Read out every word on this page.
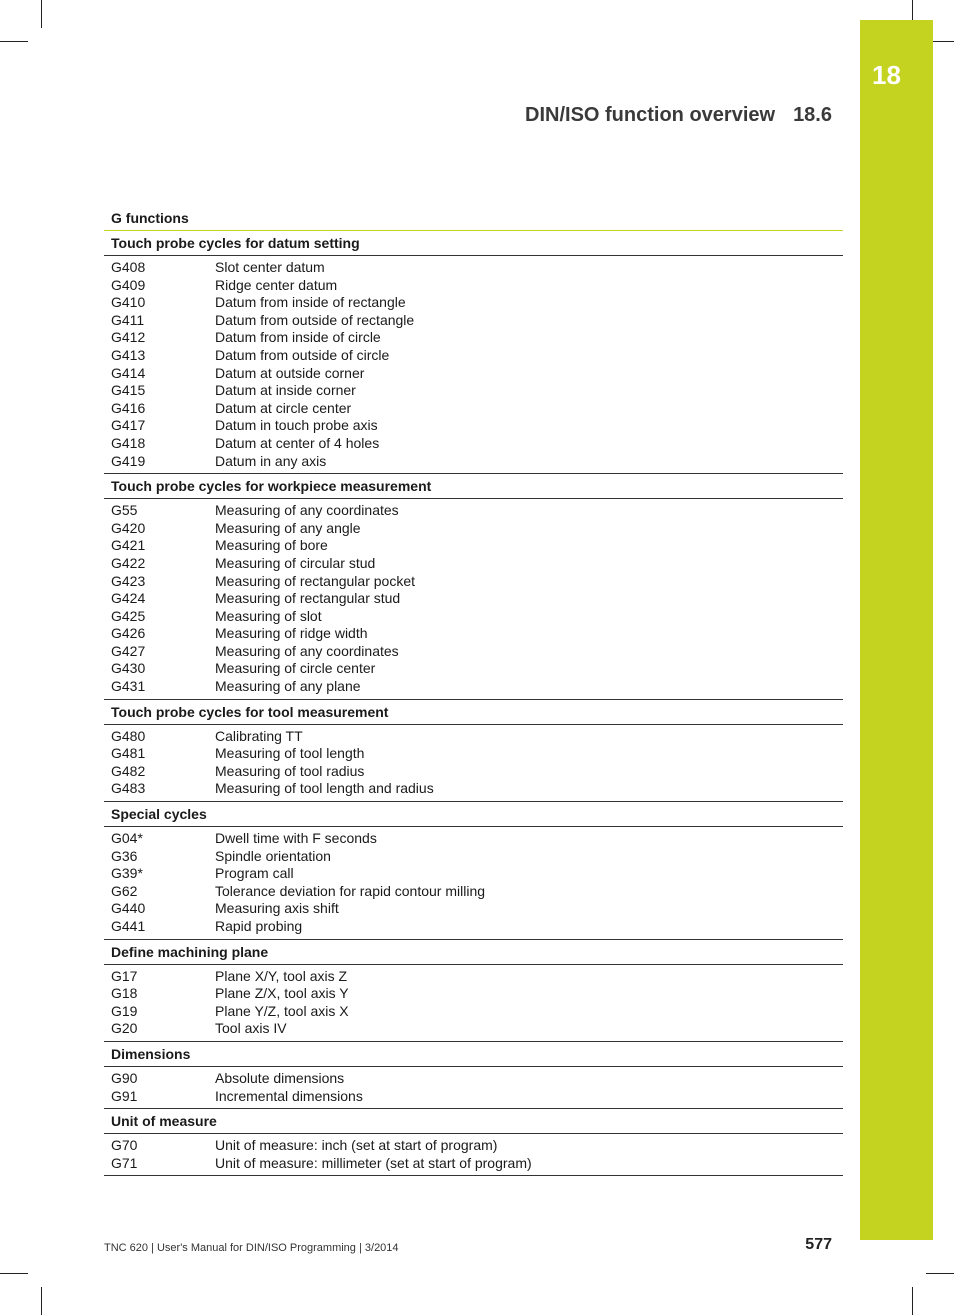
18
DIN/ISO function overview 18.6
G functions
Touch probe cycles for datum setting
G408	Slot center datum
G409	Ridge center datum
G410	Datum from inside of rectangle
G411	Datum from outside of rectangle
G412	Datum from inside of circle
G413	Datum from outside of circle
G414	Datum at outside corner
G415	Datum at inside corner
G416	Datum at circle center
G417	Datum in touch probe axis
G418	Datum at center of 4 holes
G419	Datum in any axis
Touch probe cycles for workpiece measurement
G55	Measuring of any coordinates
G420	Measuring of any angle
G421	Measuring of bore
G422	Measuring of circular stud
G423	Measuring of rectangular pocket
G424	Measuring of rectangular stud
G425	Measuring of slot
G426	Measuring of ridge width
G427	Measuring of any coordinates
G430	Measuring of circle center
G431	Measuring of any plane
Touch probe cycles for tool measurement
G480	Calibrating TT
G481	Measuring of tool length
G482	Measuring of tool radius
G483	Measuring of tool length and radius
Special cycles
G04*	Dwell time with F seconds
G36	Spindle orientation
G39*	Program call
G62	Tolerance deviation for rapid contour milling
G440	Measuring axis shift
G441	Rapid probing
Define machining plane
G17	Plane X/Y, tool axis Z
G18	Plane Z/X, tool axis Y
G19	Plane Y/Z, tool axis X
G20	Tool axis IV
Dimensions
G90	Absolute dimensions
G91	Incremental dimensions
Unit of measure
G70	Unit of measure: inch (set at start of program)
G71	Unit of measure: millimeter (set at start of program)
TNC 620 | User's Manual for DIN/ISO Programming | 3/2014	577
